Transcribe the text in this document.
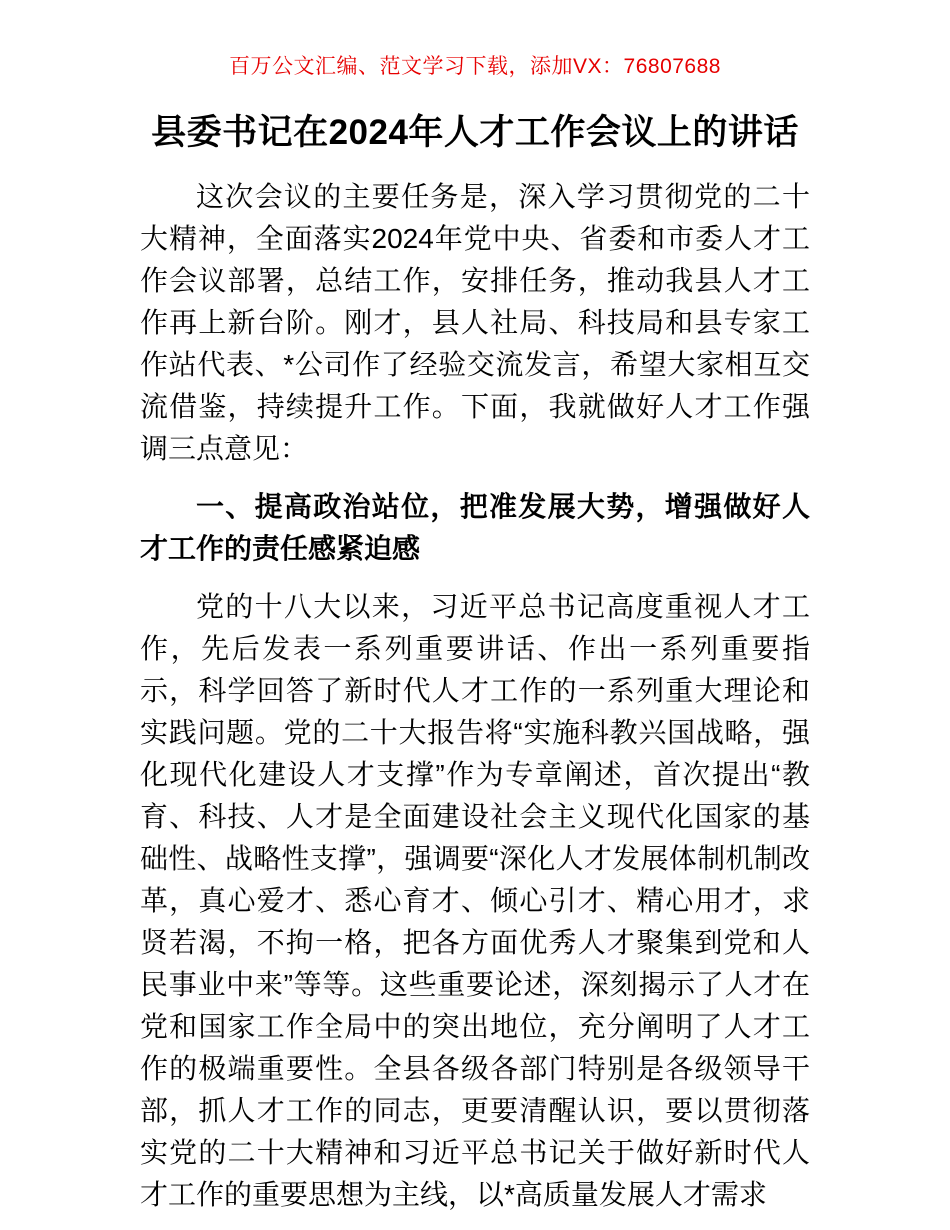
百万公文汇编、范文学习下载，添加VX：76807688
县委书记在2024年人才工作会议上的讲话

这次会议的主要任务是，深入学习贯彻党的二十大精神，全面落实2024年党中央、省委和市委人才工作会议部署，总结工作，安排任务，推动我县人才工作再上新台阶。刚才，县人社局、科技局和县专家工作站代表、*公司作了经验交流发言，希望大家相互交流借鉴，持续提升工作。下面，我就做好人才工作强调三点意见：

一、提高政治站位，把准发展大势，增强做好人才工作的责任感紧迫感

党的十八大以来，习近平总书记高度重视人才工作，先后发表一系列重要讲话、作出一系列重要指示，科学回答了新时代人才工作的一系列重大理论和实践问题。党的二十大报告将“实施科教兴国战略，强化现代化建设人才支撑”作为专章阐述，首次提出“教育、科技、人才是全面建设社会主义现代化国家的基础性、战略性支撑”，强调要“深化人才发展体制机制改革，真心爱才、悉心育才、倾心引才、精心用才，求贤若渴，不拘一格，把各方面优秀人才聚集到党和人民事业中来”等等。这些重要论述，深刻揭示了人才在党和国家工作全局中的突出地位，充分阐明了人才工作的极端重要性。全县各级各部门特别是各级领导干部，抓人才工作的同志，更要清醒认识，要以贯彻落实党的二十大精神和习近平总书记关于做好新时代人才工作的重要思想为主线，以*高质量发展人才需求
